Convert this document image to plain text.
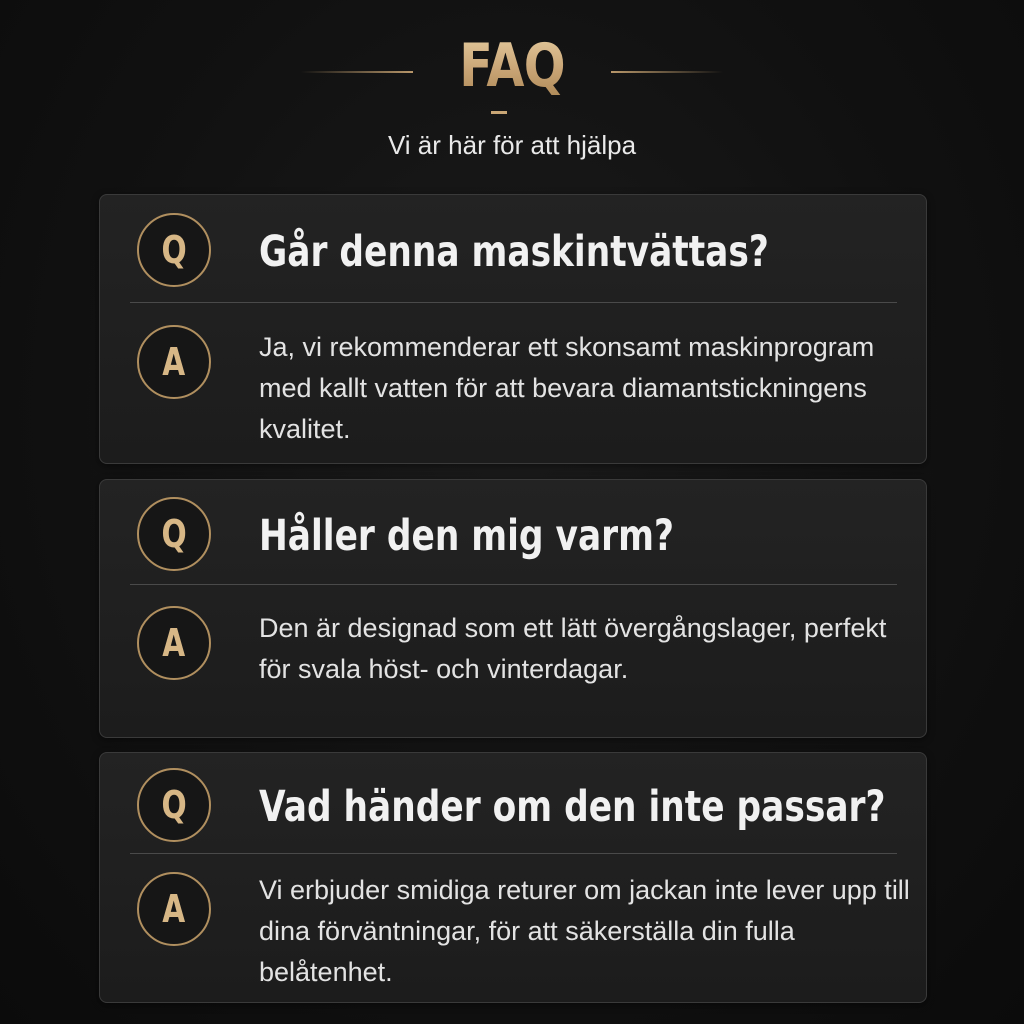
FAQ
Vi är här för att hjälpa
Q	Går denna maskintvättas?
A	Ja, vi rekommenderar ett skonsamt maskinprogram med kallt vatten för att bevara diamantstickningens kvalitet.
Q	Håller den mig varm?
A	Den är designad som ett lätt övergångslager, perfekt för svala höst- och vinterdagar.
Q	Vad händer om den inte passar?
A	Vi erbjuder smidiga returer om jackan inte lever upp till dina förväntningar, för att säkerställa din fulla belåtenhet.
